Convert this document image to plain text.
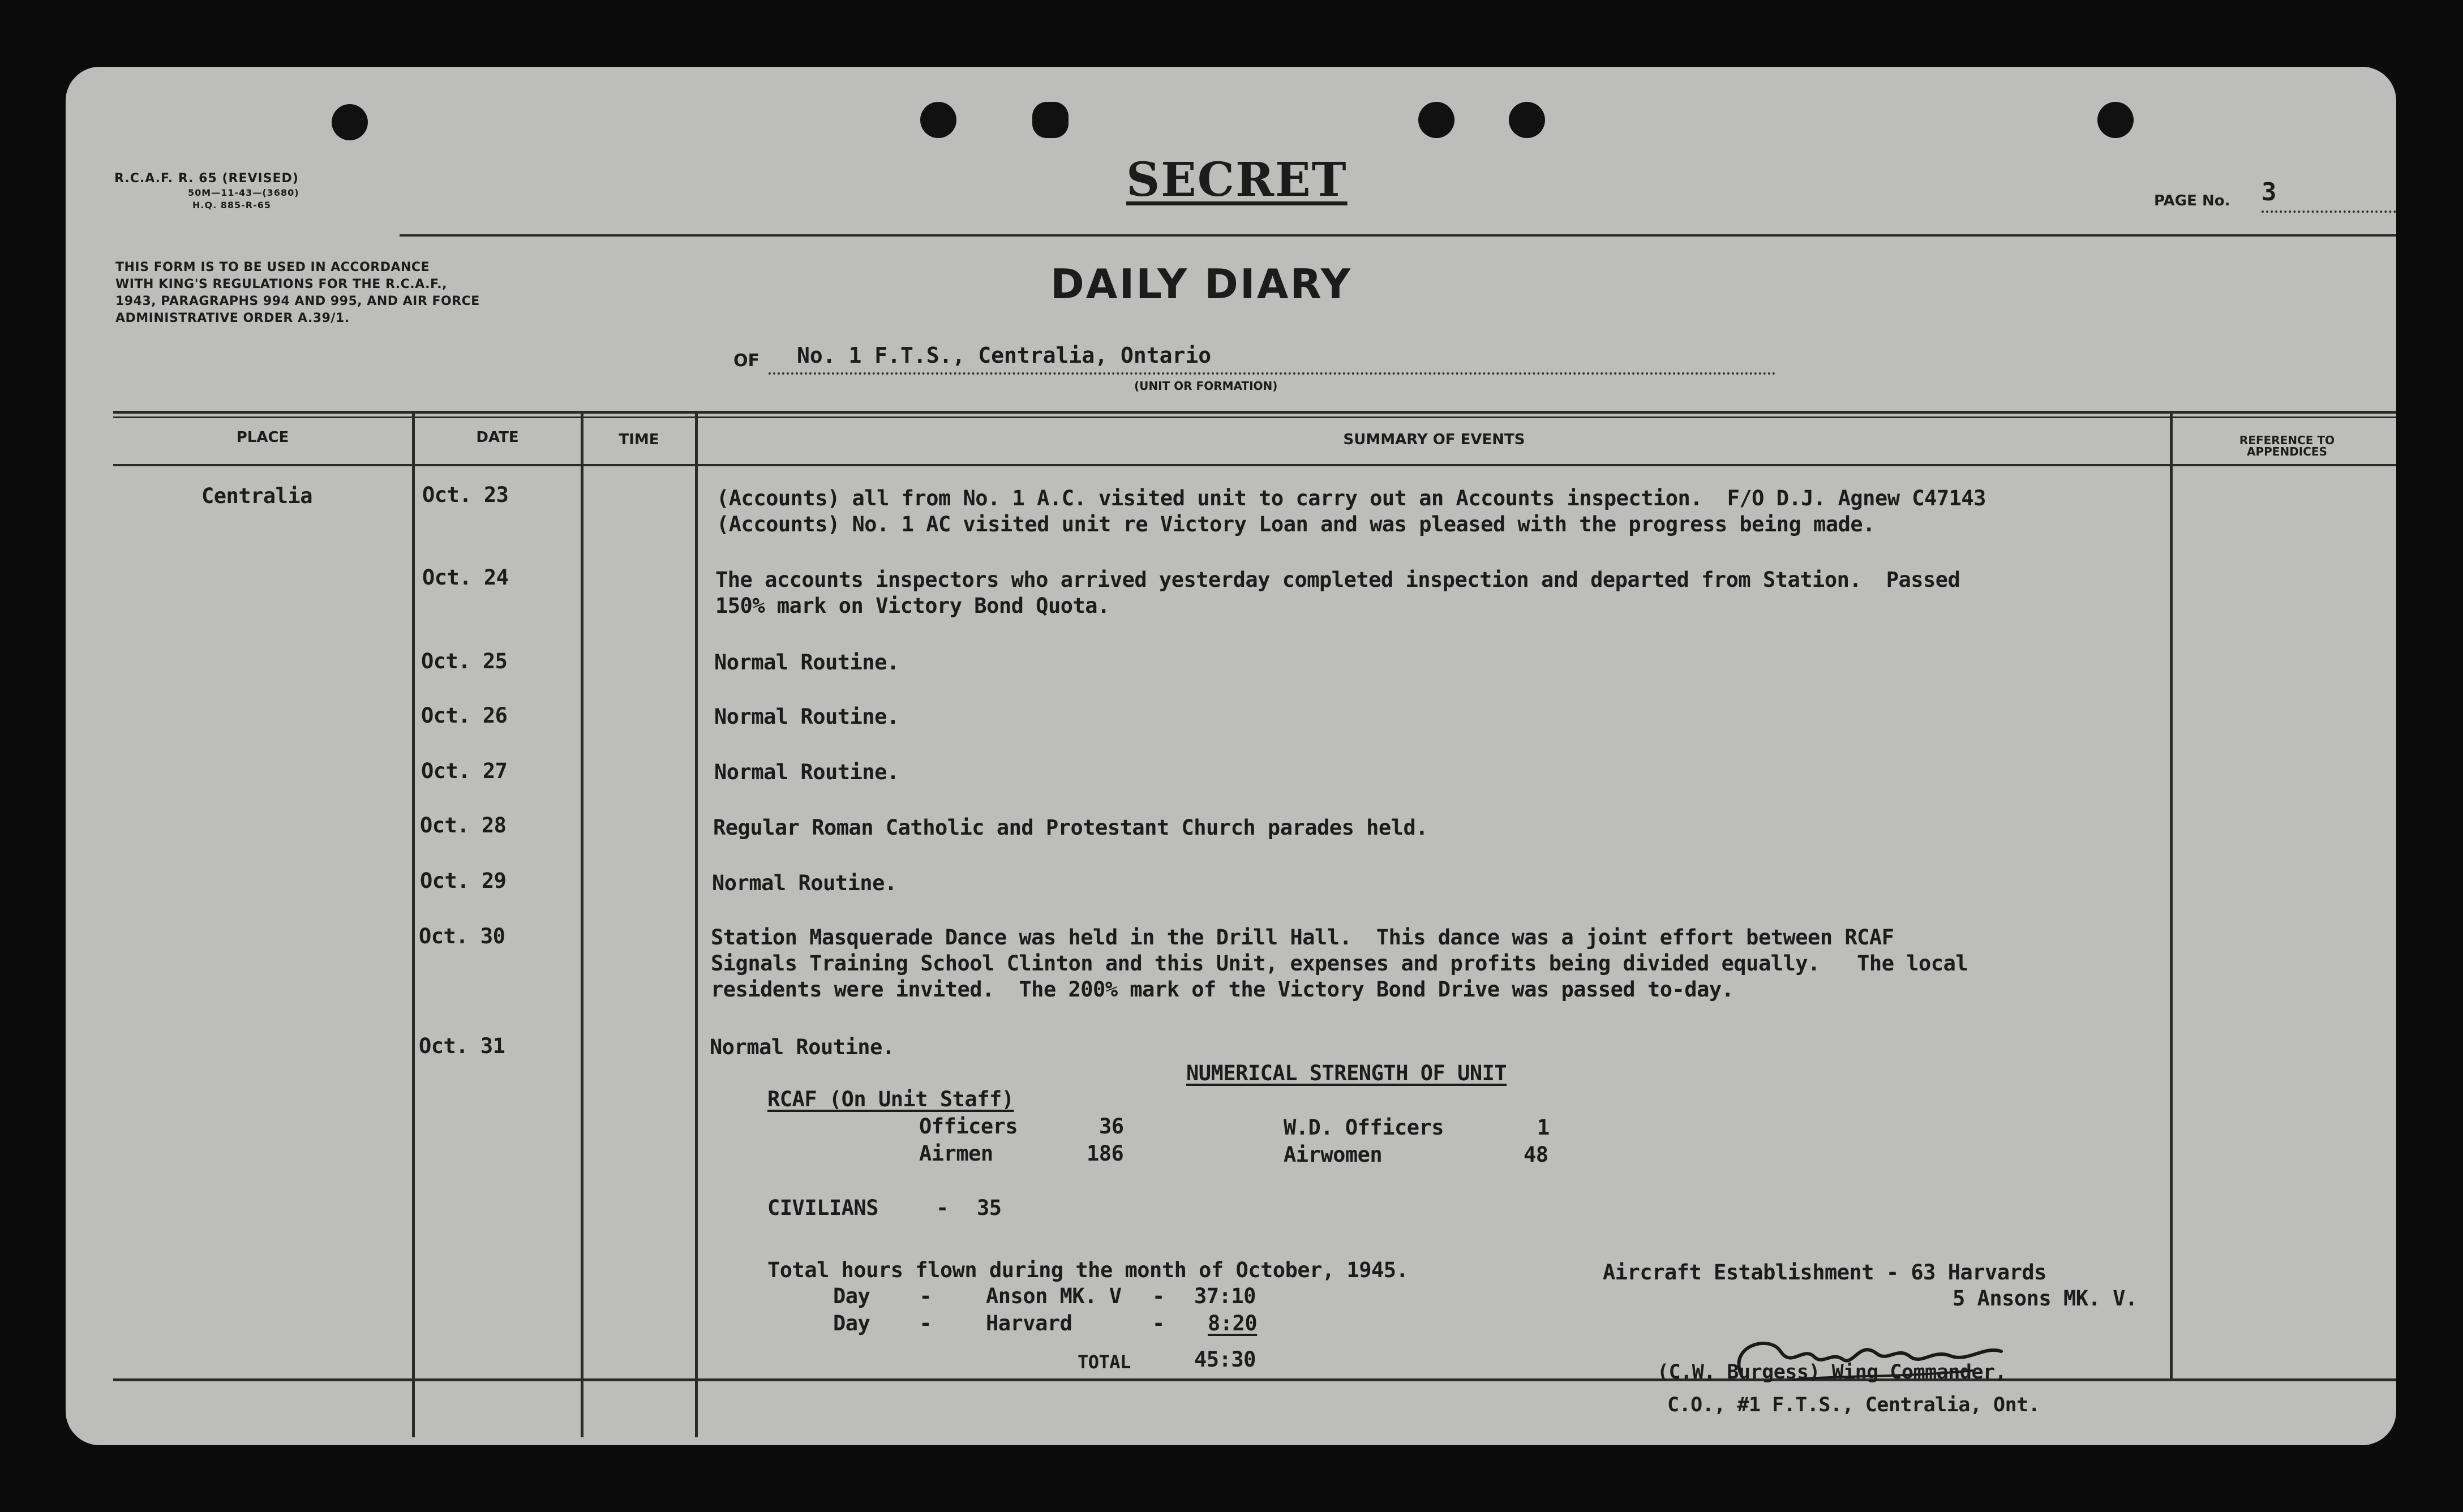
R.C.A.F. R. 65 (REVISED)
50M—11-43—(3680)
H.Q. 885-R-65	SECRET	PAGE No. 3
THIS FORM IS TO BE USED IN ACCORDANCE
WITH KING'S REGULATIONS FOR THE R.C.A.F.,
1943, PARAGRAPHS 994 AND 995, AND AIR FORCE
ADMINISTRATIVE ORDER A.39/1.
DAILY DIARY
OF No. 1 F.T.S., Centralia, Ontario
(UNIT OR FORMATION)
PLACE	DATE	TIME	SUMMARY OF EVENTS	REFERENCE TO
APPENDICES
Centralia	Oct. 23	(Accounts) all from No. 1 A.C. visited unit to carry out an Accounts inspection.  F/O D.J. Agnew C47143
(Accounts) No. 1 AC visited unit re Victory Loan and was pleased with the progress being made.
Oct. 24	The accounts inspectors who arrived yesterday completed inspection and departed from Station.  Passed
150% mark on Victory Bond Quota.
Oct. 25	Normal Routine.
Oct. 26	Normal Routine.
Oct. 27	Normal Routine.
Oct. 28	Regular Roman Catholic and Protestant Church parades held.
Oct. 29	Normal Routine.
Oct. 30	Station Masquerade Dance was held in the Drill Hall.  This dance was a joint effort between RCAF
Signals Training School Clinton and this Unit, expenses and profits being divided equally.   The local
residents were invited.  The 200% mark of the Victory Bond Drive was passed to-day.
Oct. 31	Normal Routine.
NUMERICAL STRENGTH OF UNIT
RCAF (On Unit Staff)
Officers	36
Airmen	186
W.D. Officers	1
Airwomen	48
CIVILIANS	- 35
Total hours flown during the month of October, 1945.
Day    -	Anson MK. V - 37:10
Day    -	Harvard	- 8:20
TOTAL	45:30
Aircraft Establishment - 63 Harvards
5 Ansons MK. V.
(C.W. Burgess) Wing Commander,
C.O., #1 F.T.S., Centralia, Ont.
